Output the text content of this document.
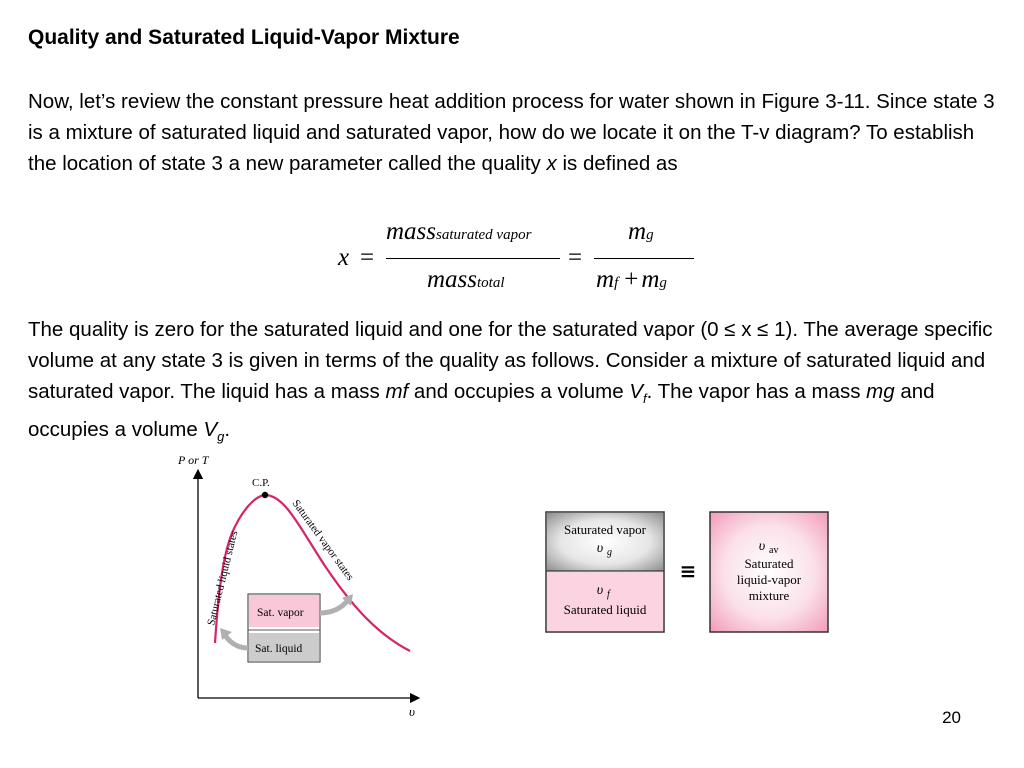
Quality and Saturated Liquid-Vapor Mixture
Now, let’s review the constant pressure heat addition process for water shown in Figure 3-11. Since state 3 is a mixture of saturated liquid and saturated vapor, how do we locate it on the T-v diagram? To establish the location of state 3 a new parameter called the quality x is defined as
x =
masssaturated vapor
masstotal
=
mg
mf + mg
The quality is zero for the saturated liquid and one for the saturated vapor (0 ≤ x ≤ 1). The average specific volume at any state 3 is given in terms of the quality as follows. Consider a mixture of saturated liquid and saturated vapor. The liquid has a mass mf and occupies a volume $V_f$. The vapor has a mass mg and occupies a volume $V_g$.
P or T
υ
C.P.
Saturated liquid states	Saturated vapor states
Sat. vapor
Sat. liquid
Saturated vapor
υ g
υ f
Saturated liquid
≡
υ av
Saturated
liquid-vapor
mixture
20
